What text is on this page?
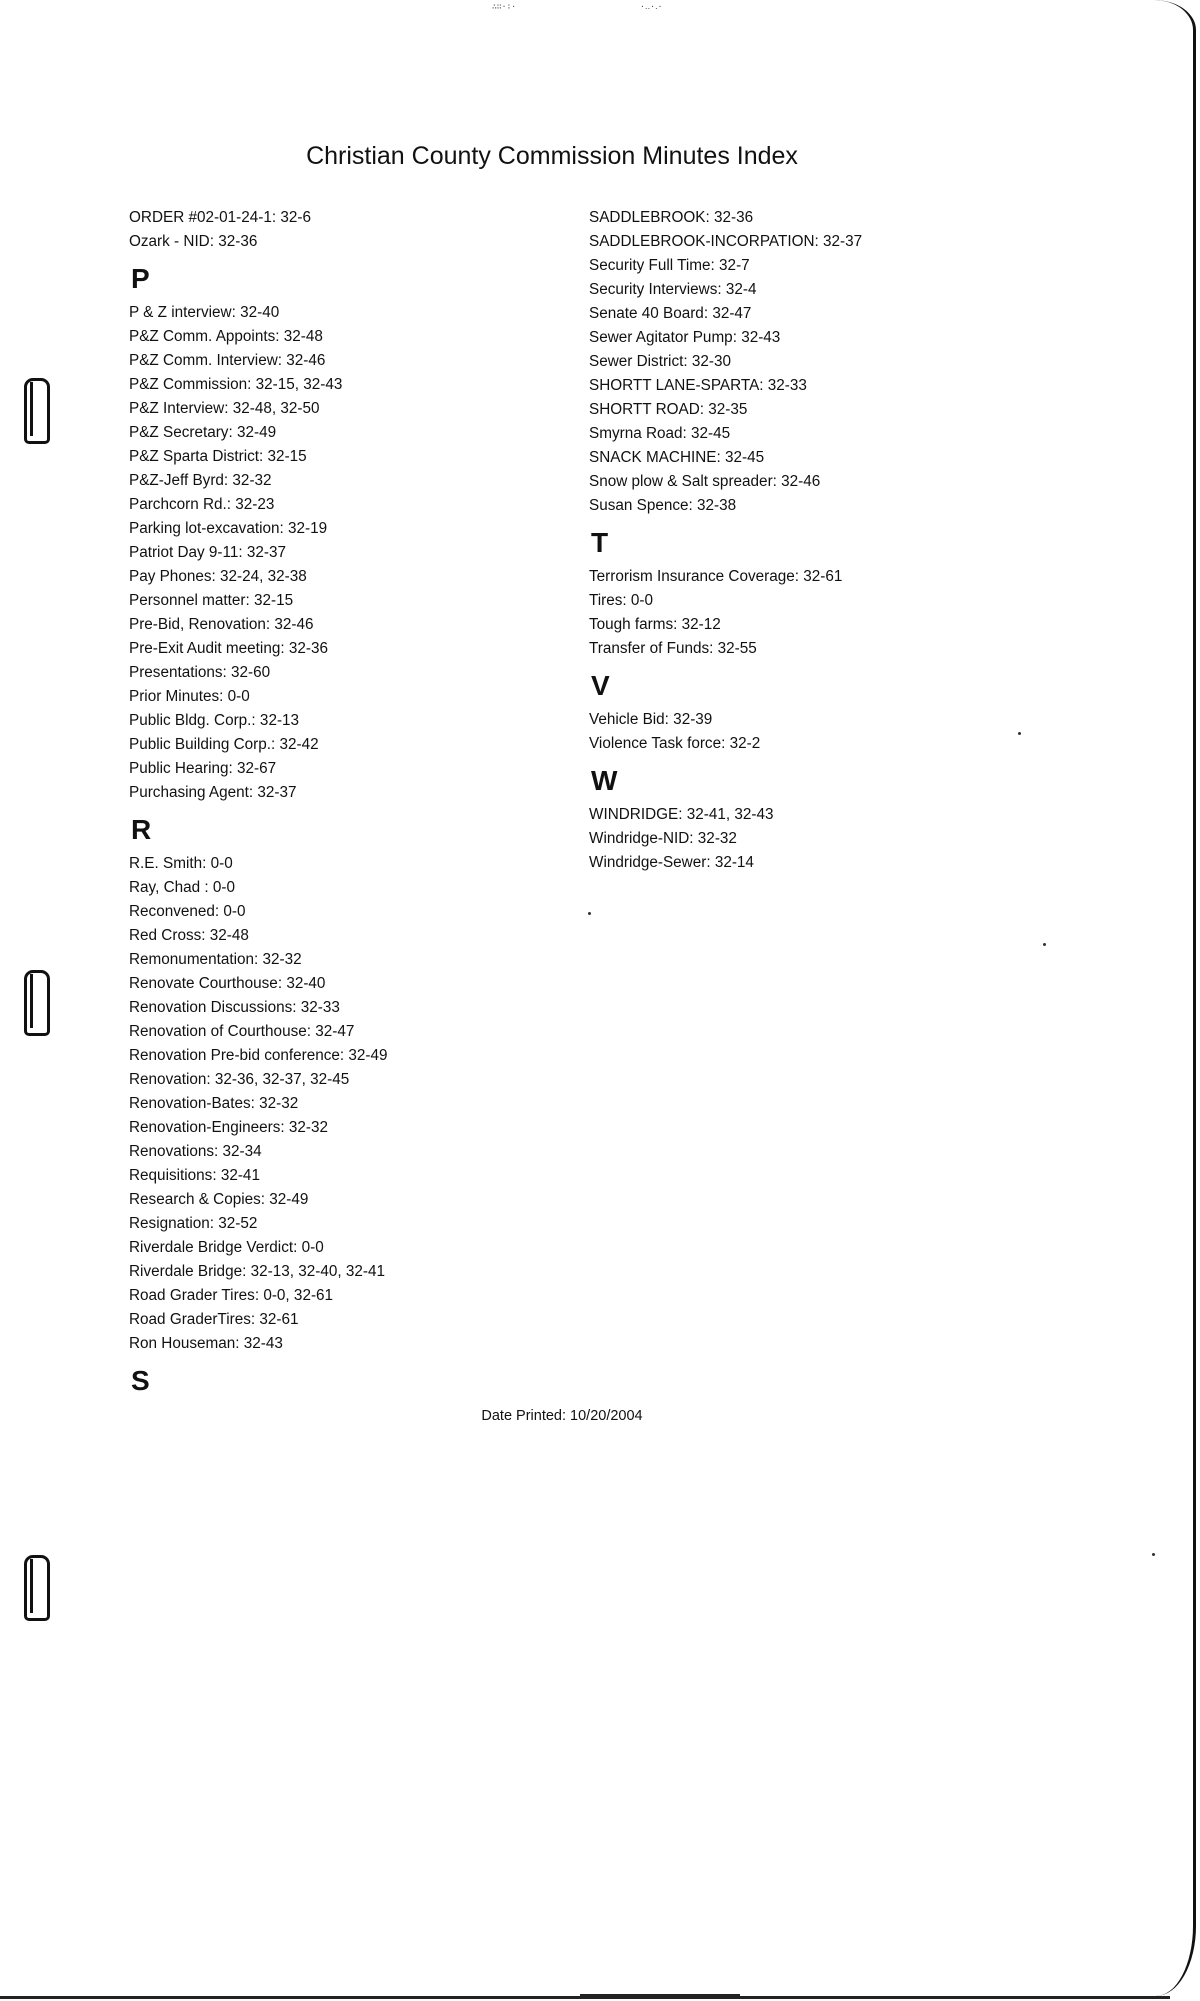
∴∷·∶·	·‥·․·
Christian County Commission Minutes Index
ORDER #02-01-24-1: 32-6
Ozark - NID: 32-36
P
P & Z interview: 32-40
P&Z Comm. Appoints: 32-48
P&Z Comm. Interview: 32-46
P&Z Commission: 32-15, 32-43
P&Z Interview: 32-48, 32-50
P&Z Secretary: 32-49
P&Z Sparta District: 32-15
P&Z-Jeff Byrd: 32-32
Parchcorn Rd.: 32-23
Parking lot-excavation: 32-19
Patriot Day 9-11: 32-37
Pay Phones: 32-24, 32-38
Personnel matter: 32-15
Pre-Bid, Renovation: 32-46
Pre-Exit Audit meeting: 32-36
Presentations: 32-60
Prior Minutes: 0-0
Public Bldg. Corp.: 32-13
Public Building Corp.: 32-42
Public Hearing: 32-67
Purchasing Agent: 32-37
R
R.E. Smith: 0-0
Ray, Chad : 0-0
Reconvened: 0-0
Red Cross: 32-48
Remonumentation: 32-32
Renovate Courthouse: 32-40
Renovation Discussions: 32-33
Renovation of Courthouse: 32-47
Renovation Pre-bid conference: 32-49
Renovation: 32-36, 32-37, 32-45
Renovation-Bates: 32-32
Renovation-Engineers: 32-32
Renovations: 32-34
Requisitions: 32-41
Research & Copies: 32-49
Resignation: 32-52
Riverdale Bridge Verdict: 0-0
Riverdale Bridge: 32-13, 32-40, 32-41
Road Grader Tires: 0-0, 32-61
Road GraderTires: 32-61
Ron Houseman: 32-43
S
SADDLEBROOK: 32-36
SADDLEBROOK-INCORPATION: 32-37
Security Full Time: 32-7
Security Interviews: 32-4
Senate 40 Board: 32-47
Sewer Agitator Pump: 32-43
Sewer District: 32-30
SHORTT LANE-SPARTA: 32-33
SHORTT ROAD: 32-35
Smyrna Road: 32-45
SNACK MACHINE: 32-45
Snow plow & Salt spreader: 32-46
Susan Spence: 32-38
T
Terrorism Insurance Coverage: 32-61
Tires: 0-0
Tough farms: 32-12
Transfer of Funds: 32-55
V
Vehicle Bid: 32-39
Violence Task force: 32-2
W
WINDRIDGE: 32-41, 32-43
Windridge-NID: 32-32
Windridge-Sewer: 32-14
Date Printed: 10/20/2004
